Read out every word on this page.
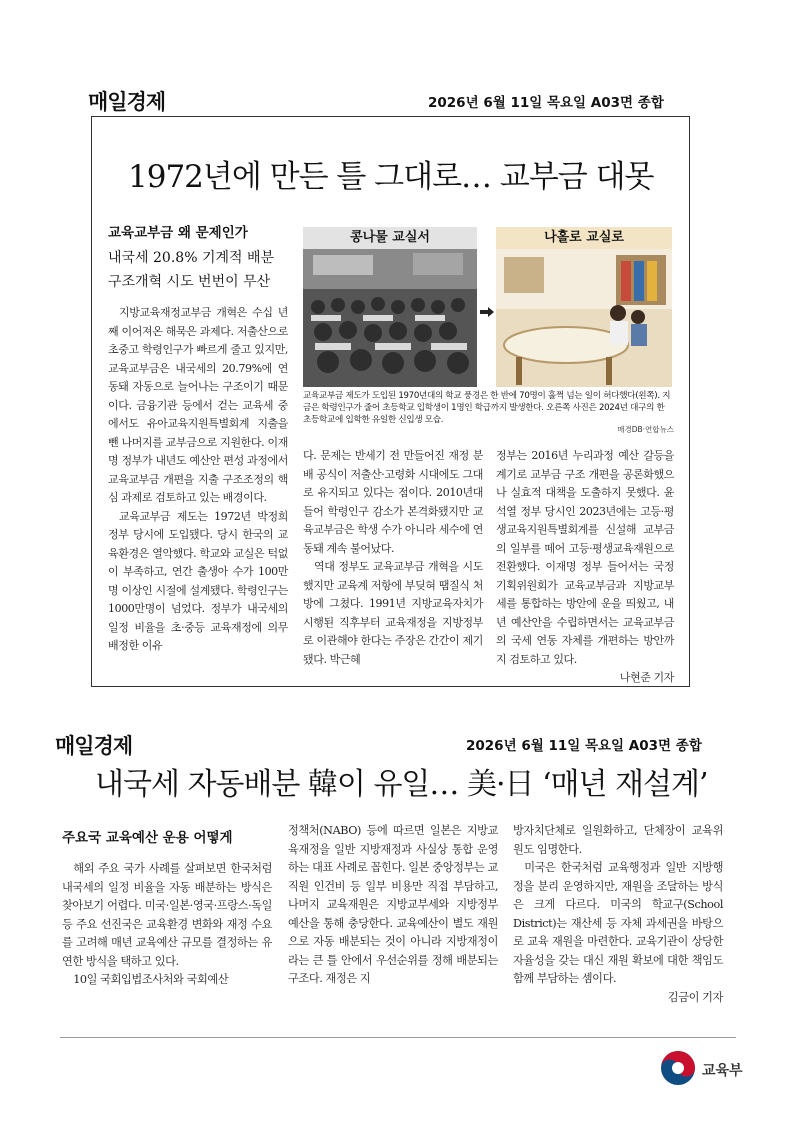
매일경제	2026년 6월 11일 목요일 A03면 종합
1972년에 만든 틀 그대로… 교부금 대못
교육교부금 왜 문제인가
내국세 20.8% 기계적 배분
구조개혁 시도 번번이 무산
콩나물 교실서	나홀로 교실로
교육교부금 제도가 도입된 1970년대의 학교 풍경은 한 반에 70명이 훌쩍 넘는 일이 허다했다(왼쪽). 지금은 학령인구가 줄어 초등학교 입학생이 1명인 학급까지 발생한다. 오른쪽 사진은 2024년 대구의 한 초등학교에 입학한 유일한 신입생 모습.
매경DB·연합뉴스

지방교육재정교부금 개혁은 수십 년째 이어져온 해묵은 과제다. 저출산으로 초중고 학령인구가 빠르게 줄고 있지만, 교육교부금은 내국세의 20.79%에 연동돼 자동으로 늘어나는 구조이기 때문이다. 금융기관 등에서 걷는 교육세 중에서도 유아교육지원특별회계 지출을 뺀 나머지를 교부금으로 지원한다. 이재명 정부가 내년도 예산안 편성 과정에서 교육교부금 개편을 지출 구조조정의 핵심 과제로 검토하고 있는 배경이다.

교육교부금 제도는 1972년 박정희 정부 당시에 도입됐다. 당시 한국의 교육환경은 열악했다. 학교와 교실은 턱없이 부족하고, 연간 출생아 수가 100만명 이상인 시절에 설계됐다. 학령인구는 1000만명이 넘었다. 정부가 내국세의 일정 비율을 초·중등 교육재정에 의무 배정한 이유

다. 문제는 반세기 전 만들어진 재정 분배 공식이 저출산·고령화 시대에도 그대로 유지되고 있다는 점이다. 2010년대 들어 학령인구 감소가 본격화됐지만 교육교부금은 학생 수가 아니라 세수에 연동돼 계속 불어났다.

역대 정부도 교육교부금 개혁을 시도했지만 교육계 저항에 부딪혀 땜질식 처방에 그쳤다. 1991년 지방교육자치가 시행된 직후부터 교육재정을 지방정부로 이관해야 한다는 주장은 간간이 제기됐다. 박근혜

정부는 2016년 누리과정 예산 갈등을 계기로 교부금 구조 개편을 공론화했으나 실효적 대책을 도출하지 못했다. 윤석열 정부 당시인 2023년에는 고등·평생교육지원특별회계를 신설해 교부금의 일부를 떼어 고등·평생교육재원으로 전환했다. 이재명 정부 들어서는 국정기획위원회가 교육교부금과 지방교부세를 통합하는 방안에 운을 띄웠고, 내년 예산안을 수립하면서는 교육교부금의 국세 연동 자체를 개편하는 방안까지 검토하고 있다.

나현준 기자
매일경제	2026년 6월 11일 목요일 A03면 종합
내국세 자동배분 韓이 유일… 美·日 ‘매년 재설계’
주요국 교육예산 운용 어떻게

해외 주요 국가 사례를 살펴보면 한국처럼 내국세의 일정 비율을 자동 배분하는 방식은 찾아보기 어렵다. 미국·일본·영국·프랑스·독일 등 주요 선진국은 교육환경 변화와 재정 수요를 고려해 매년 교육예산 규모를 결정하는 유연한 방식을 택하고 있다.

10일 국회입법조사처와 국회예산

정책처(NABO) 등에 따르면 일본은 지방교육재정을 일반 지방재정과 사실상 통합 운영하는 대표 사례로 꼽힌다. 일본 중앙정부는 교직원 인건비 등 일부 비용만 직접 부담하고, 나머지 교육재원은 지방교부세와 지방정부 예산을 통해 충당한다. 교육예산이 별도 재원으로 자동 배분되는 것이 아니라 지방재정이라는 큰 틀 안에서 우선순위를 정해 배분되는 구조다. 재정은 지

방자치단체로 일원화하고, 단체장이 교육위원도 임명한다.

미국은 한국처럼 교육행정과 일반 지방행정을 분리 운영하지만, 재원을 조달하는 방식은 크게 다르다. 미국의 학교구(School District)는 재산세 등 자체 과세권을 바탕으로 교육 재원을 마련한다. 교육기관이 상당한 자율성을 갖는 대신 재원 확보에 대한 책임도 함께 부담하는 셈이다.

김금이 기자
교육부
